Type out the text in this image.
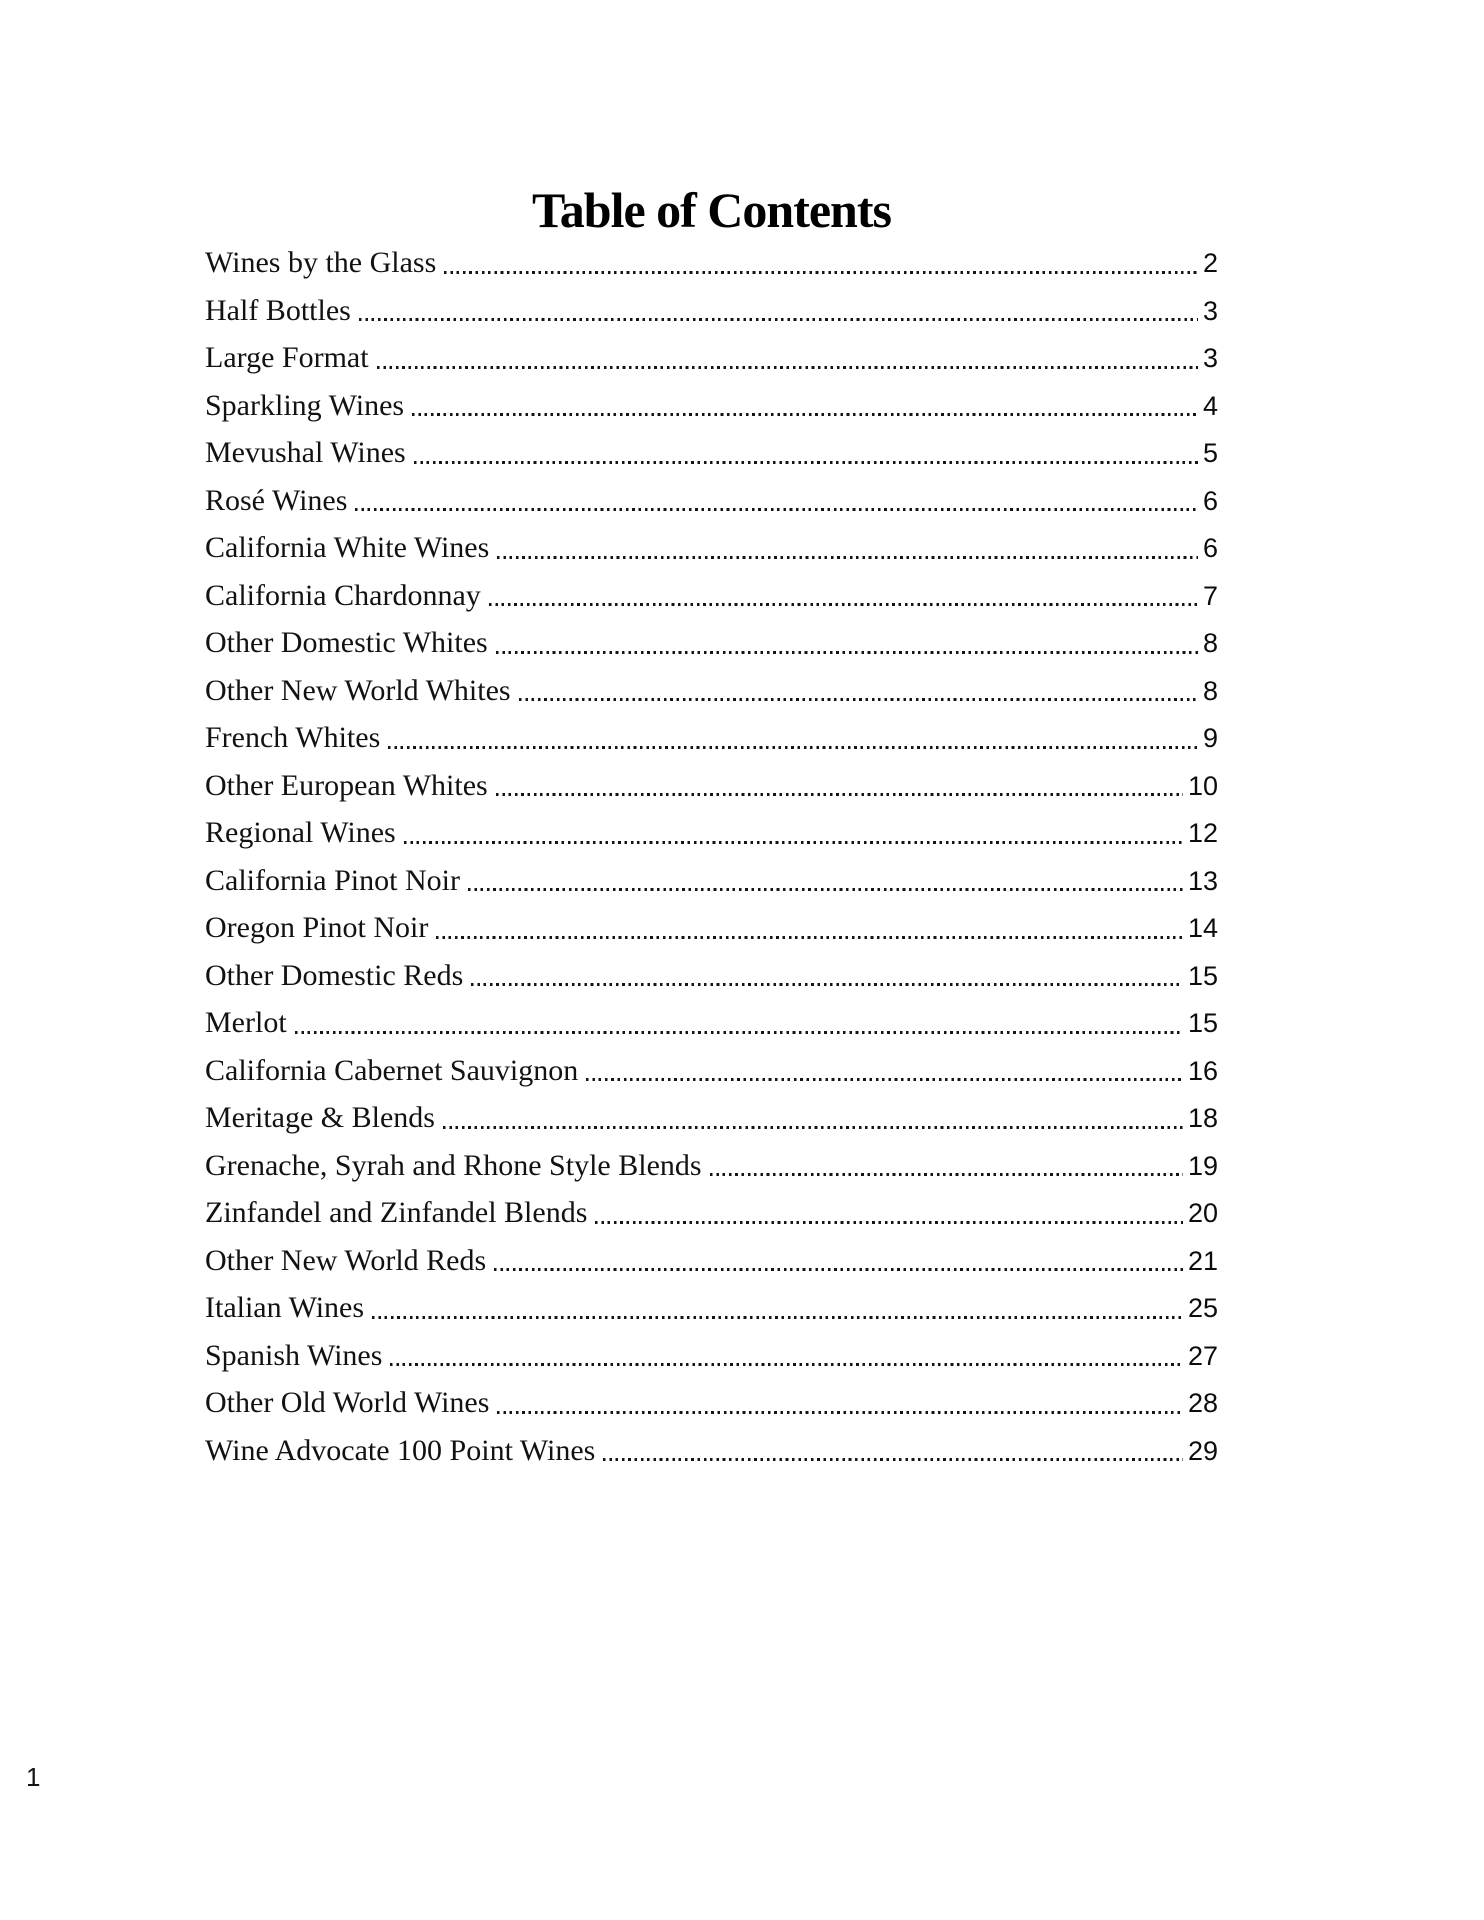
Table of Contents
Wines by the Glass	2
Half Bottles	3
Large Format	3
Sparkling Wines	4
Mevushal Wines	5
Rosé Wines	6
California White Wines	6
California Chardonnay	7
Other Domestic Whites	8
Other New World Whites	8
French Whites	9
Other European Whites	10
Regional Wines	12
California Pinot Noir	13
Oregon Pinot Noir	14
Other Domestic Reds	15
Merlot	15
California Cabernet Sauvignon	16
Meritage & Blends	18
Grenache, Syrah and Rhone Style Blends	19
Zinfandel and Zinfandel Blends	20
Other New World Reds	21
Italian Wines	25
Spanish Wines	27
Other Old World Wines	28
Wine Advocate 100 Point Wines	29
1
